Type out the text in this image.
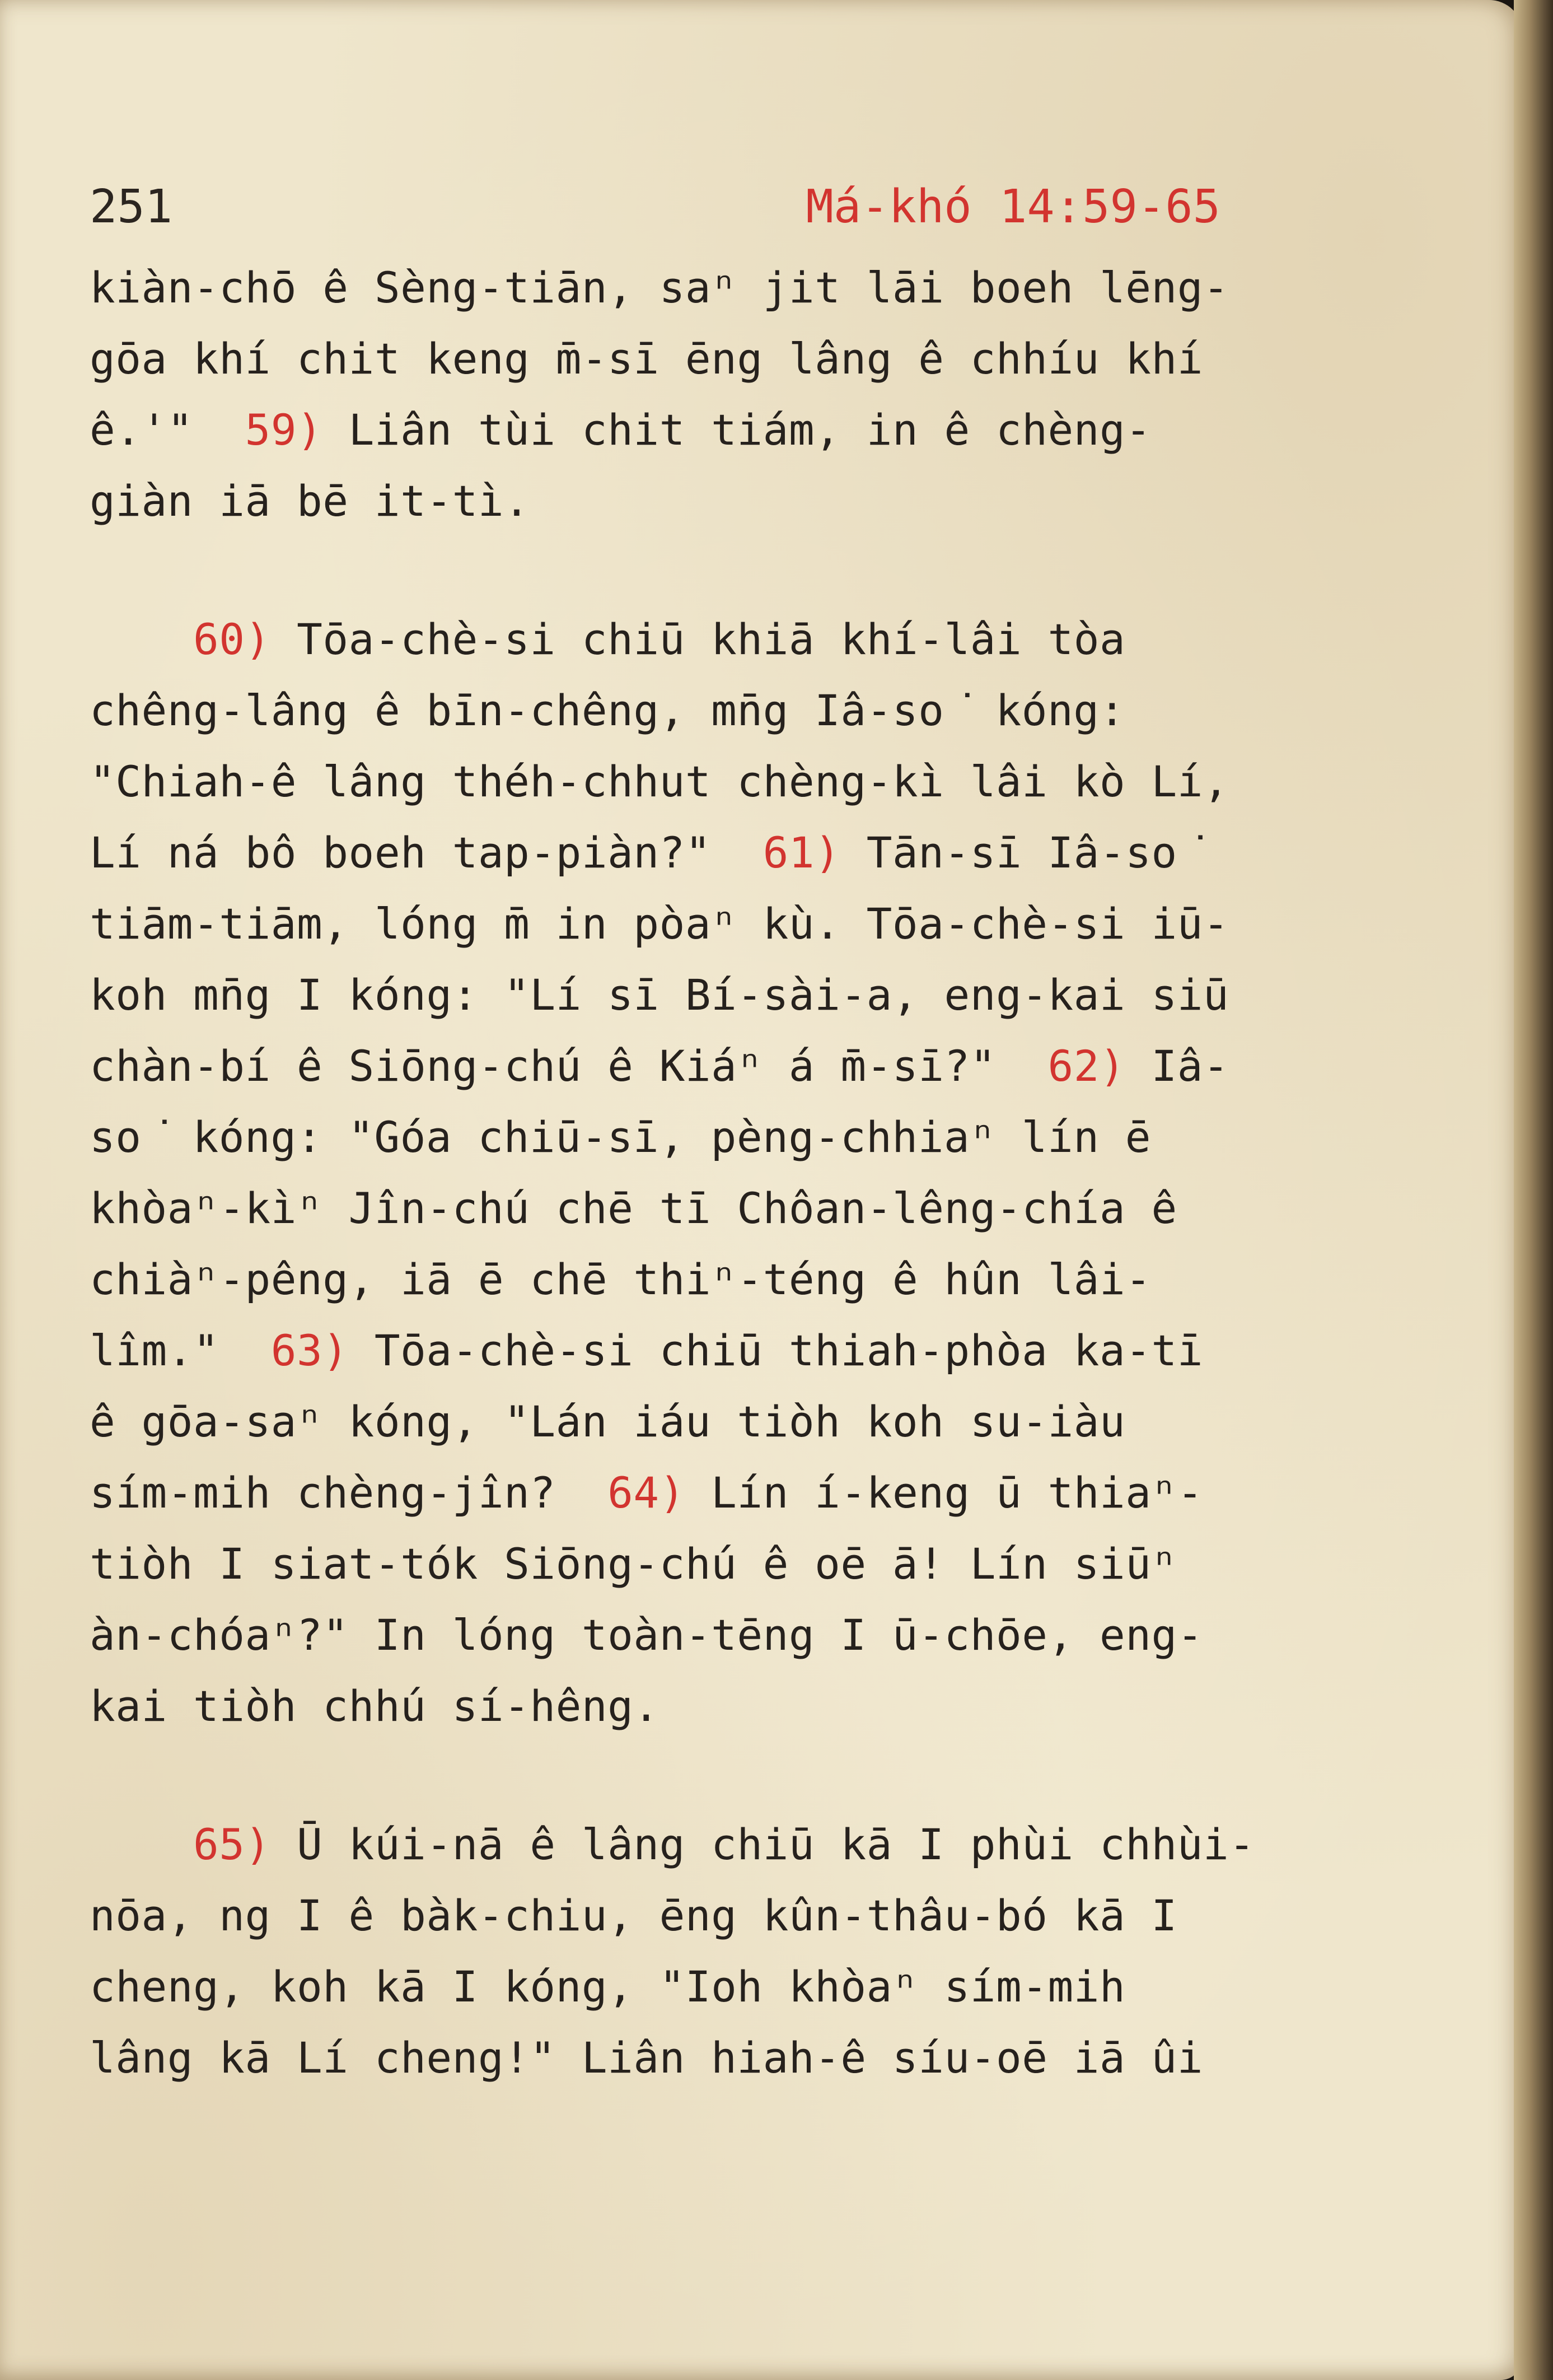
251	Má-khó 14:59-65
kiàn-chō ê Sèng-tiān, saⁿ jit lāi boeh lēng-
gōa khí chit keng m̄-sī ēng lâng ê chhíu khí
ê.'"  59) Liân tùi chit tiám, in ê chèng-
giàn iā bē it-tì.
60) Tōa-chè-si chiū khiā khí-lâi tòa
chêng-lâng ê bīn-chêng, mn̄g Iâ-so͘ kóng:
"Chiah-ê lâng théh-chhut chèng-kì lâi kò Lí,
Lí ná bô boeh tap-piàn?"  61) Tān-sī Iâ-so͘
tiām-tiām, lóng m̄ in pòaⁿ kù. Tōa-chè-si iū-
koh mn̄g I kóng: "Lí sī Bí-sài-a, eng-kai siū
chàn-bí ê Siōng-chú ê Kiáⁿ á m̄-sī?"  62) Iâ-
so͘ kóng: "Góa chiū-sī, pèng-chhiaⁿ lín ē
khòaⁿ-kìⁿ Jîn-chú chē tī Chôan-lêng-chía ê
chiàⁿ-pêng, iā ē chē thiⁿ-téng ê hûn lâi-
lîm."  63) Tōa-chè-si chiū thiah-phòa ka-tī
ê gōa-saⁿ kóng, "Lán iáu tiòh koh su-iàu
sím-mih chèng-jîn?  64) Lín í-keng ū thiaⁿ-
tiòh I siat-tók Siōng-chú ê oē ā! Lín siūⁿ
àn-chóaⁿ?" In lóng toàn-tēng I ū-chōe, eng-
kai tiòh chhú sí-hêng.
65) Ū kúi-nā ê lâng chiū kā I phùi chhùi-
nōa, ng I ê bàk-chiu, ēng kûn-thâu-bó kā I
cheng, koh kā I kóng, "Ioh khòaⁿ sím-mih
lâng kā Lí cheng!" Liân hiah-ê síu-oē iā ûi
